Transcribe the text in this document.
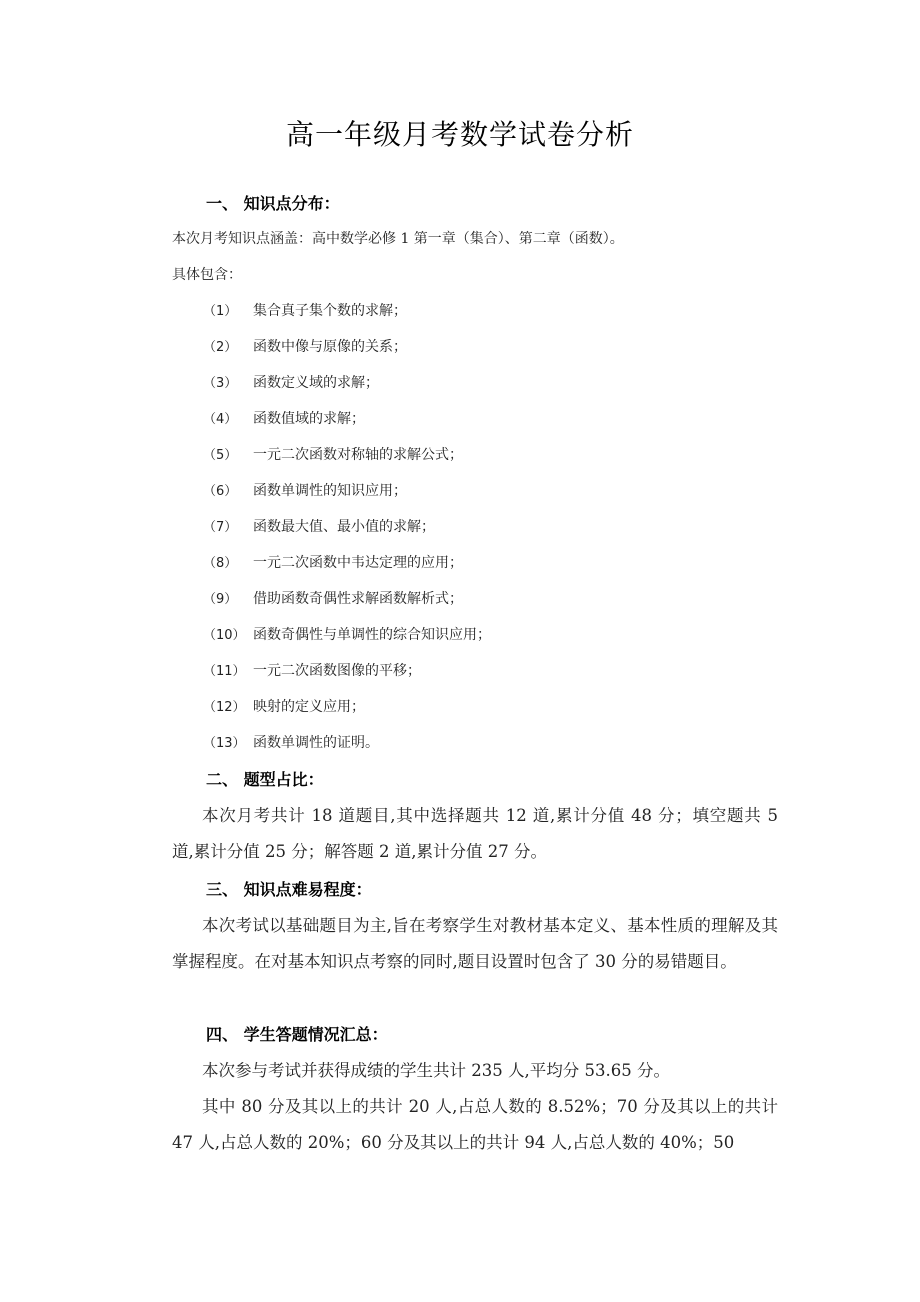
高一年级月考数学试卷分析
一、 知识点分布：

本次月考知识点涵盖：高中数学必修 1 第一章（集合）、第二章（函数）。

具体包含：

（1） 集合真子集个数的求解；
（2） 函数中像与原像的关系；
（3） 函数定义域的求解；
（4） 函数值域的求解；
（5） 一元二次函数对称轴的求解公式；
（6） 函数单调性的知识应用；
（7） 函数最大值、最小值的求解；
（8） 一元二次函数中韦达定理的应用；
（9） 借助函数奇偶性求解函数解析式；
（10） 函数奇偶性与单调性的综合知识应用；
（11） 一元二次函数图像的平移；
（12） 映射的定义应用；
（13） 函数单调性的证明。
二、 题型占比：

本次月考共计 18 道题目,其中选择题共 12 道,累计分值 48 分；填空题共 5 道,累计分值 25 分；解答题 2 道,累计分值 27 分。

三、 知识点难易程度：

本次考试以基础题目为主,旨在考察学生对教材基本定义、基本性质的理解及其掌握程度。在对基本知识点考察的同时,题目设置时包含了 30 分的易错题目。

四、 学生答题情况汇总：

本次参与考试并获得成绩的学生共计 235 人,平均分 53.65 分。

其中 80 分及其以上的共计 20 人,占总人数的 8.52%；70 分及其以上的共计 47 人,占总人数的 20%；60 分及其以上的共计 94 人,占总人数的 40%；50
